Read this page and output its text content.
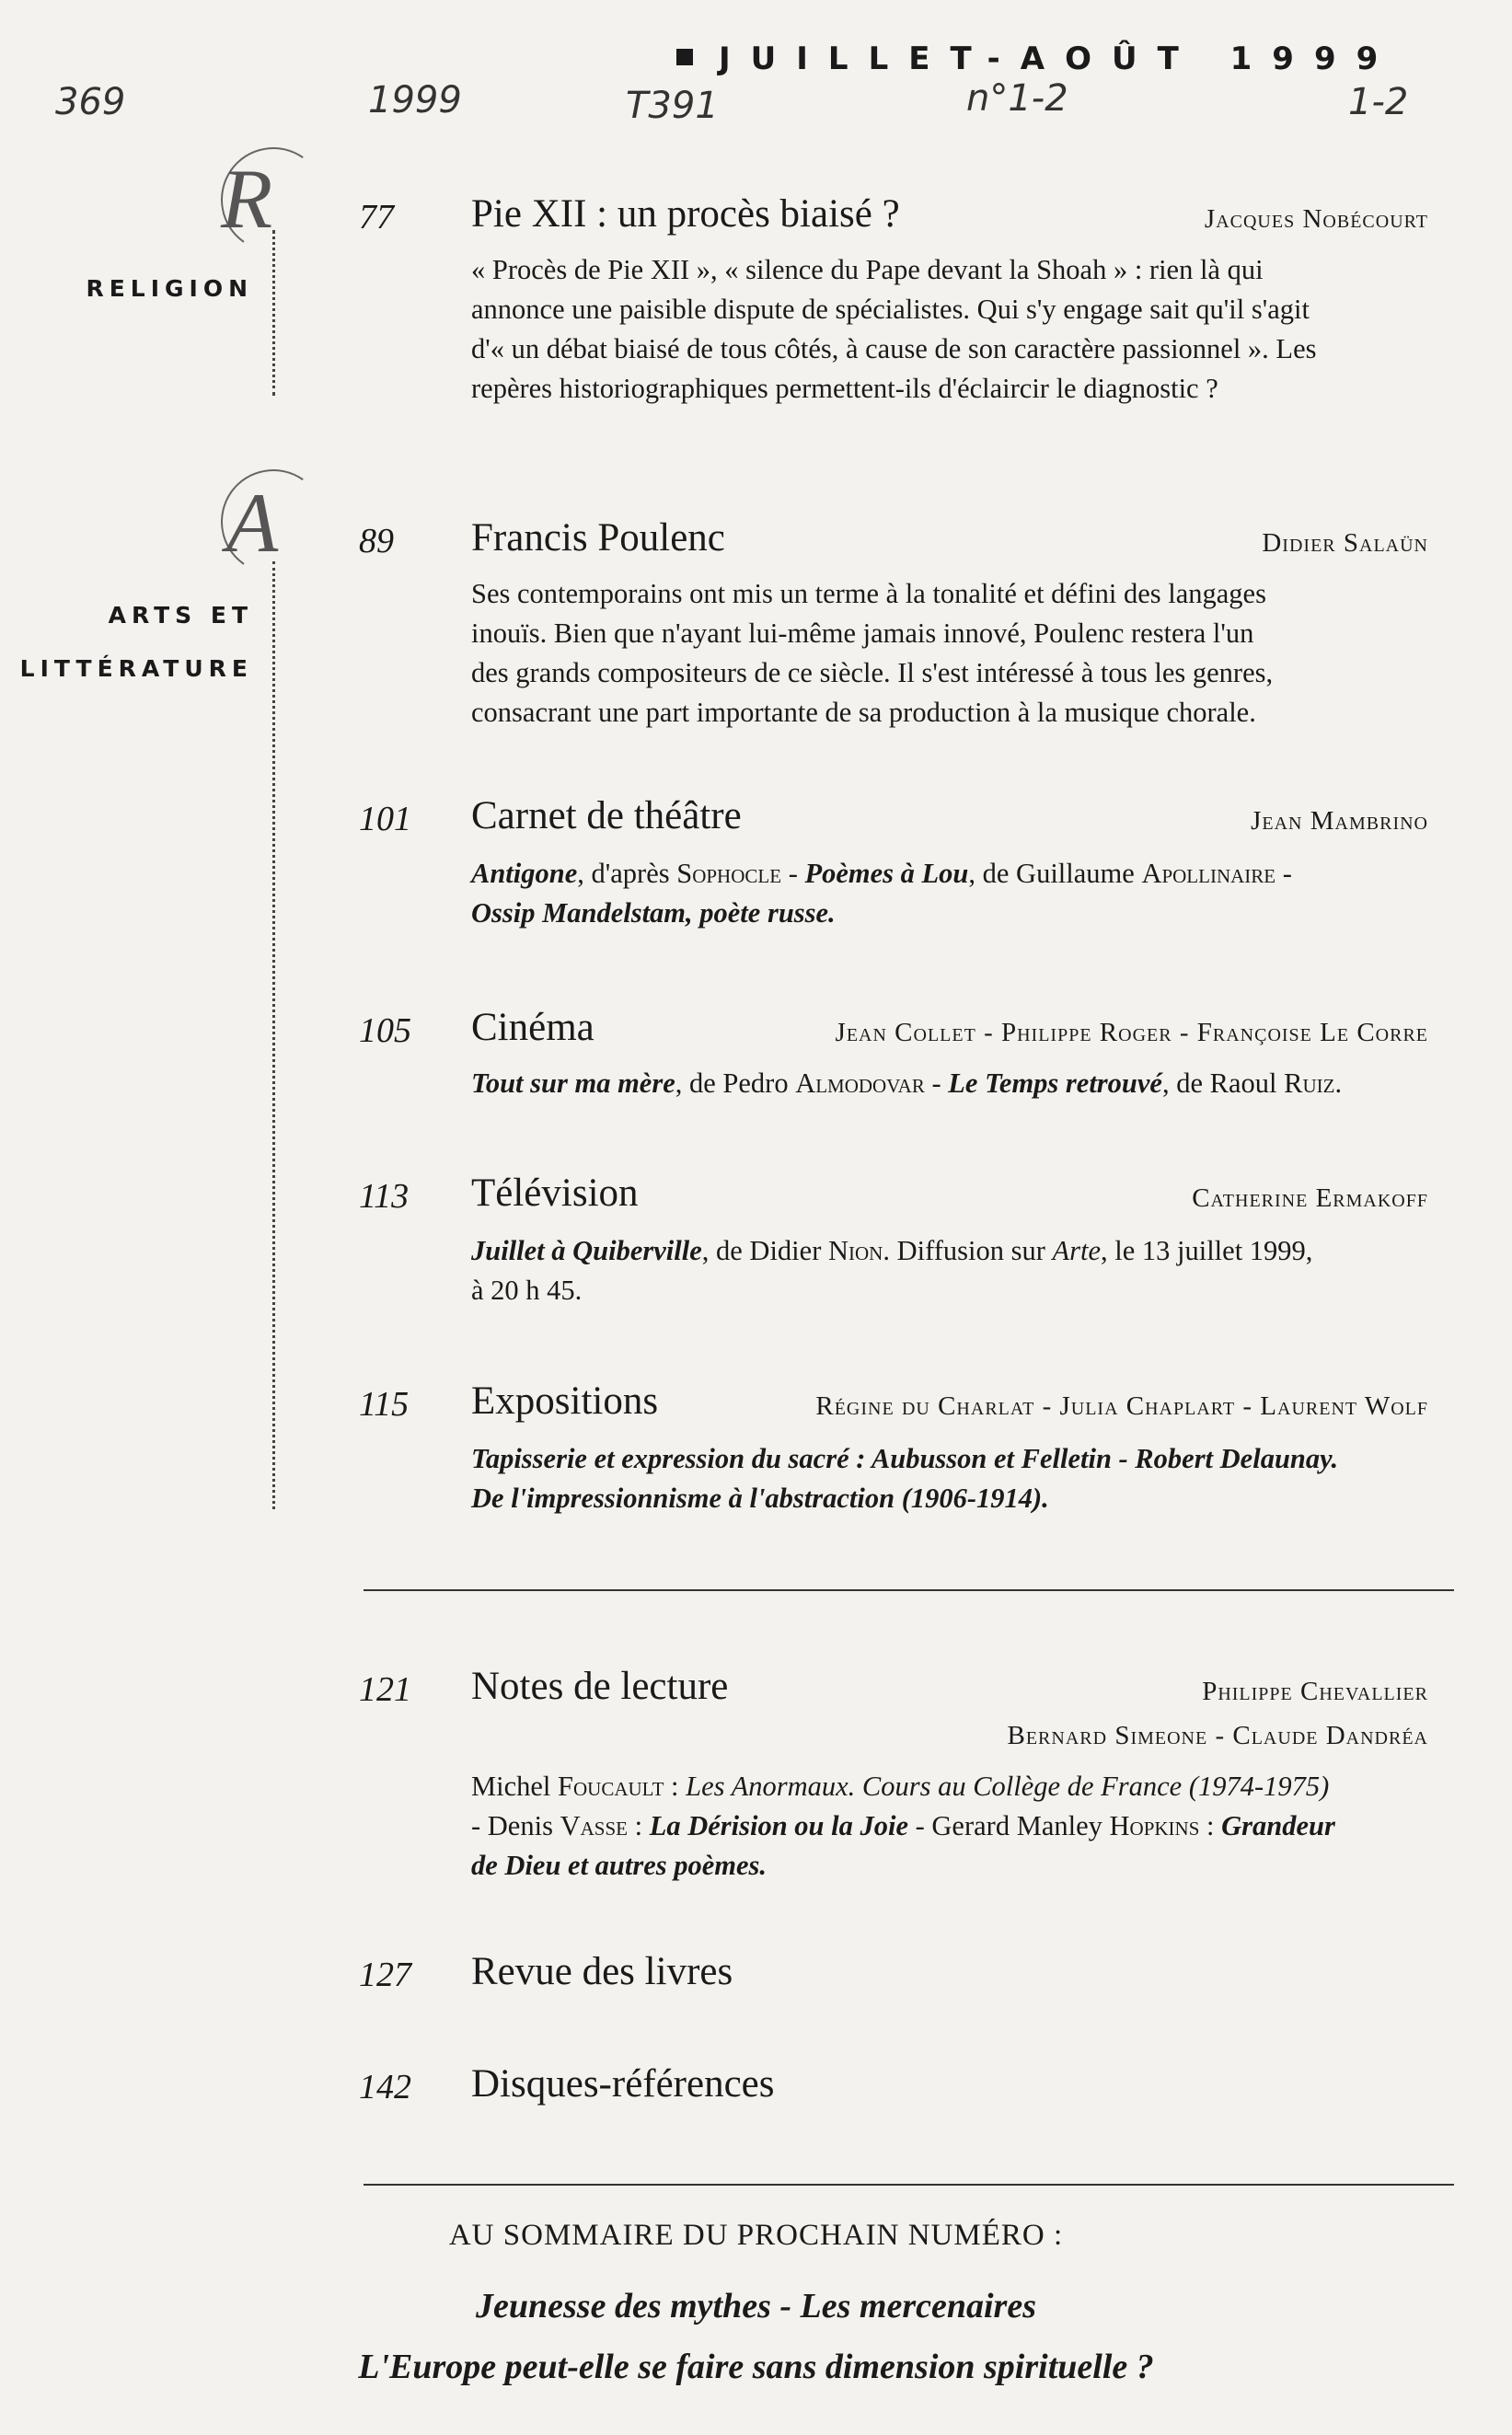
JUILLET-AOÛT 1999
369	1999	T391	n°1-2	1-2
R
RELIGION
A
ARTS ET
LITTÉRATURE
77 Pie XII : un procès biaisé ?	Jacques Nobécourt
« Procès de Pie XII », « silence du Pape devant la Shoah » : rien là qui
annonce une paisible dispute de spécialistes. Qui s'y engage sait qu'il s'agit
d'« un débat biaisé de tous côtés, à cause de son caractère passionnel ». Les
repères historiographiques permettent-ils d'éclaircir le diagnostic ?
89 Francis Poulenc	Didier Salaün
Ses contemporains ont mis un terme à la tonalité et défini des langages
inouïs. Bien que n'ayant lui-même jamais innové, Poulenc restera l'un
des grands compositeurs de ce siècle. Il s'est intéressé à tous les genres,
consacrant une part importante de sa production à la musique chorale.
101 Carnet de théâtre	Jean Mambrino
Antigone, d'après Sophocle - Poèmes à Lou, de Guillaume Apollinaire -
Ossip Mandelstam, poète russe.
105 Cinéma	Jean Collet - Philippe Roger - Françoise Le Corre
Tout sur ma mère, de Pedro Almodovar - Le Temps retrouvé, de Raoul Ruiz.
113 Télévision	Catherine Ermakoff
Juillet à Quiberville, de Didier Nion. Diffusion sur Arte, le 13 juillet 1999,
à 20 h 45.
115 Expositions	Régine du Charlat - Julia Chaplart - Laurent Wolf
Tapisserie et expression du sacré : Aubusson et Felletin - Robert Delaunay.
De l'impressionnisme à l'abstraction (1906-1914).
121 Notes de lecture	Philippe Chevallier
Bernard Simeone - Claude Dandréa
Michel Foucault : Les Anormaux. Cours au Collège de France (1974-1975)
- Denis Vasse : La Dérision ou la Joie - Gerard Manley Hopkins : Grandeur
de Dieu et autres poèmes.
127 Revue des livres
142 Disques-références
AU SOMMAIRE DU PROCHAIN NUMÉRO :
Jeunesse des mythes - Les mercenaires
L'Europe peut-elle se faire sans dimension spirituelle ?
